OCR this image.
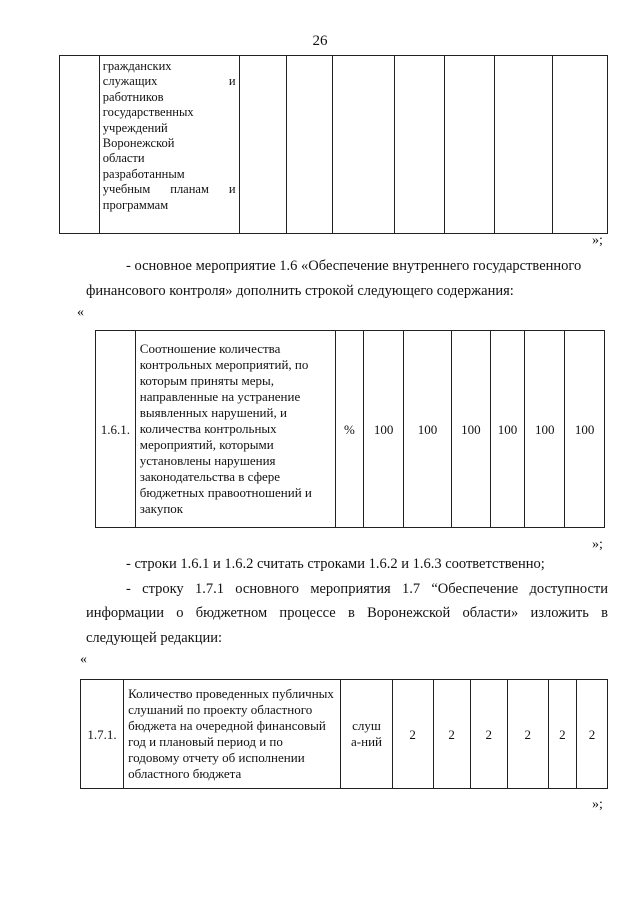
26

гражданских
служащих и
работников
государственных
учреждений
Воронежской
области
разработанным
учебным планам и
программам

»;
- основное мероприятие 1.6 «Обеспечение внутреннего государственного
финансового контроля» дополнить строкой следующего содержания:
«
1.6.1.	Соотношение количества контрольных мероприятий, по которым приняты меры, направленные на устранение выявленных нарушений, и количества контрольных мероприятий, которыми установлены нарушения законодательства в сфере бюджетных правоотношений и закупок	%	100	100	100	100	100	100
»;
- строки 1.6.1 и 1.6.2 считать строками 1.6.2 и 1.6.3 соответственно;
- строку 1.7.1 основного мероприятия 1.7 “Обеспечение доступности
информации о бюджетном процессе в Воронежской области» изложить в
следующей редакции:
«
1.7.1.	Количество проведенных публичных слушаний по проекту областного бюджета на очередной финансовый год и плановый период и по годовому отчету об исполнении областного бюджета	слуша-ний	2	2	2	2	2	2
»;
